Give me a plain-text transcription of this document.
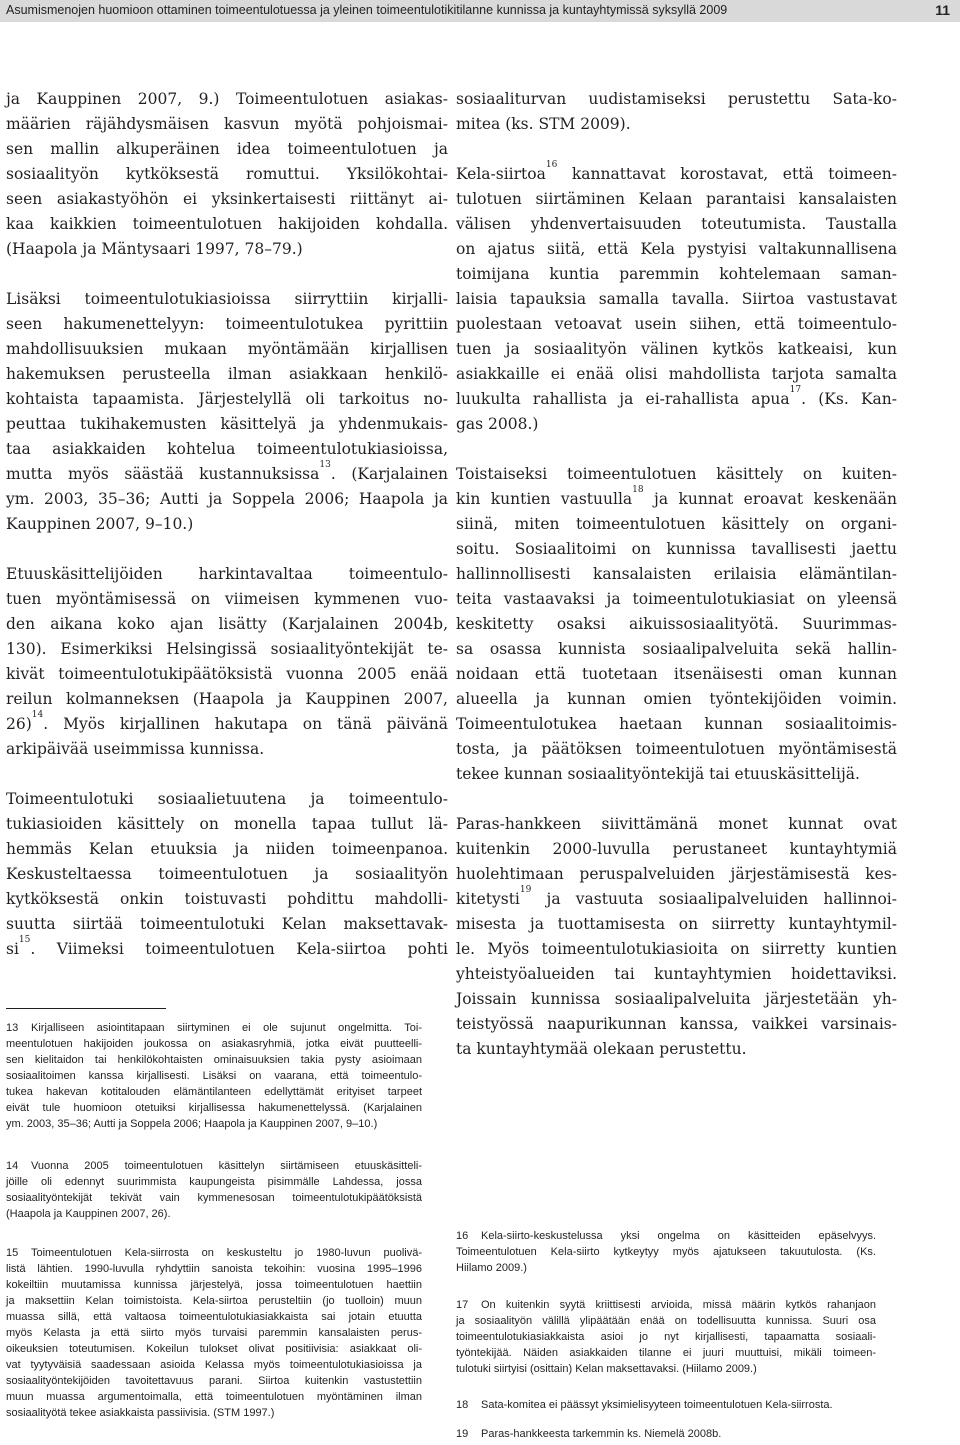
Asumismenojen huomioon ottaminen toimeentulotuessa ja yleinen toimeentulotikitilanne kunnissa ja kuntayhtymissä syksyllä 2009	11

ja Kauppinen 2007, 9.) Toimeentulotuen asiakas-
määrien räjähdysmäisen kasvun myötä pohjoismai-
sen mallin alkuperäinen idea toimeentulotuen ja
sosiaalityön kytköksestä romuttui. Yksilökohtai-
seen asiakastyöhön ei yksinkertaisesti riittänyt ai-
kaa kaikkien toimeentulotuen hakijoiden kohdalla.
(Haapola ja Mäntysaari 1997, 78–79.)

Lisäksi toimeentulotukiasioissa siirryttiin kirjalli-
seen hakumenettelyyn: toimeentulotukea pyrittiin
mahdollisuuksien mukaan myöntämään kirjallisen
hakemuksen perusteella ilman asiakkaan henkilö-
kohtaista tapaamista. Järjestelyllä oli tarkoitus no-
peuttaa tukihakemusten käsittelyä ja yhdenmukais-
taa asiakkaiden kohtelua toimeentulotukiasioissa,
mutta myös säästää kustannuksissa$^{13}$. (Karjalainen
ym. 2003, 35–36; Autti ja Soppela 2006; Haapola ja
Kauppinen 2007, 9–10.)

Etuuskäsittelijöiden harkintavaltaa toimeentulo-
tuen myöntämisessä on viimeisen kymmenen vuo-
den aikana koko ajan lisätty (Karjalainen 2004b,
130). Esimerkiksi Helsingissä sosiaalityöntekijät te-
kivät toimeentulotukipäätöksistä vuonna 2005 enää
reilun kolmanneksen (Haapola ja Kauppinen 2007,
26)$^{14}$. Myös kirjallinen hakutapa on tänä päivänä
arkipäivää useimmissa kunnissa.

Toimeentulotuki sosiaalietuutena ja toimeentulo-
tukiasioiden käsittely on monella tapaa tullut lä-
hemmäs Kelan etuuksia ja niiden toimeenpanoa.
Keskusteltaessa toimeentulotuen ja sosiaalityön
kytköksestä onkin toistuvasti pohdittu mahdolli-
suutta siirtää toimeentulotuki Kelan maksettavak-
$si^{15}$. Viimeksi toimeentulotuen Kela-siirtoa pohti

sosiaaliturvan uudistamiseksi perustettu Sata-ko-
mitea (ks. STM 2009).

Kela-siirtoa$^{16}$ kannattavat korostavat, että toimeen-
tulotuen siirtäminen Kelaan parantaisi kansalaisten
välisen yhdenvertaisuuden toteutumista. Taustalla
on ajatus siitä, että Kela pystyisi valtakunnallisena
toimijana kuntia paremmin kohtelemaan saman-
laisia tapauksia samalla tavalla. Siirtoa vastustavat
puolestaan vetoavat usein siihen, että toimeentulo-
tuen ja sosiaalityön välinen kytkös katkeaisi, kun
asiakkaille ei enää olisi mahdollista tarjota samalta
luukulta rahallista ja ei-rahallista apua$^{17}$. (Ks. Kan-
gas 2008.)

Toistaiseksi toimeentulotuen käsittely on kuiten-
kin kuntien vastuulla$^{18}$ ja kunnat eroavat keskenään
siinä, miten toimeentulotuen käsittely on organi-
soitu. Sosiaalitoimi on kunnissa tavallisesti jaettu
hallinnollisesti kansalaisten erilaisia elämäntilan-
teita vastaavaksi ja toimeentulotukiasiat on yleensä
keskitetty osaksi aikuissosiaalityötä. Suurimmas-
sa osassa kunnista sosiaalipalveluita sekä hallin-
noidaan että tuotetaan itsenäisesti oman kunnan
alueella ja kunnan omien työntekijöiden voimin.
Toimeentulotukea haetaan kunnan sosiaalitoimis-
tosta, ja päätöksen toimeentulotuen myöntämisestä
tekee kunnan sosiaalityöntekijä tai etuuskäsittelijä.

Paras-hankkeen siivittämänä monet kunnat ovat
kuitenkin 2000-luvulla perustaneet kuntayhtymiä
huolehtimaan peruspalveluiden järjestämisestä kes-
kitetysti$^{19}$ ja vastuuta sosiaalipalveluiden hallinnoi-
misesta ja tuottamisesta on siirretty kuntayhtymil-
le. Myös toimeentulotukiasioita on siirretty kuntien
yhteistyöalueiden tai kuntayhtymien hoidettaviksi.
Joissain kunnissa sosiaalipalveluita järjestetään yh-
teistyössä naapurikunnan kanssa, vaikkei varsinais-
ta kuntayhtymää olekaan perustettu.

13 Kirjalliseen asiointitapaan siirtyminen ei ole sujunut ongelmitta. Toi-
meentulotuen hakijoiden joukossa on asiakasryhmiä, jotka eivät puutteelli-
sen kielitaidon tai henkilökohtaisten ominaisuuksien takia pysty asioimaan
sosiaalitoimen kanssa kirjallisesti. Lisäksi on vaarana, että toimeentulo-
tukea hakevan kotitalouden elämäntilanteen edellyttämät erityiset tarpeet
eivät tule huomioon otetuiksi kirjallisessa hakumenettelyssä. (Karjalainen
ym. 2003, 35–36; Autti ja Soppela 2006; Haapola ja Kauppinen 2007, 9–10.)
14 Vuonna 2005 toimeentulotuen käsittelyn siirtämiseen etuuskäsitteli-
jöille oli edennyt suurimmista kaupungeista pisimmälle Lahdessa, jossa
sosiaalityöntekijät tekivät vain kymmenesosan toimeentulotukipäätöksistä
(Haapola ja Kauppinen 2007, 26).
15 Toimeentulotuen Kela-siirrosta on keskusteltu jo 1980-luvun puolivä-
listä lähtien. 1990-luvulla ryhdyttiin sanoista tekoihin: vuosina 1995–1996
kokeiltiin muutamissa kunnissa järjestelyä, jossa toimeentulotuen haettiin
ja maksettiin Kelan toimistoista. Kela-siirtoa perusteltiin (jo tuolloin) muun
muassa sillä, että valtaosa toimeentulotukiasiakkaista sai jotain etuutta
myös Kelasta ja että siirto myös turvaisi paremmin kansalaisten perus-
oikeuksien toteutumisen. Kokeilun tulokset olivat positiivisia: asiakkaat oli-
vat tyytyväisiä saadessaan asioida Kelassa myös toimeentulotukiasioissa ja
sosiaalityöntekijöiden tavoitettavuus parani. Siirtoa kuitenkin vastustettiin
muun muassa argumentoimalla, että toimeentulotuen myöntäminen ilman
sosiaalityötä tekee asiakkaista passiivisia. (STM 1997.)
16 Kela-siirto-keskustelussa yksi ongelma on käsitteiden epäselvyys.
Toimeentulotuen Kela-siirto kytkeytyy myös ajatukseen takuutulosta. (Ks.
Hiilamo 2009.)
17 On kuitenkin syytä kriittisesti arvioida, missä määrin kytkös rahanjaon
ja sosiaalityön välillä ylipäätään enää on todellisuutta kunnissa. Suuri osa
toimeentulotukiasiakkaista asioi jo nyt kirjallisesti, tapaamatta sosiaali-
työntekijää. Näiden asiakkaiden tilanne ei juuri muuttuisi, mikäli toimeen-
tulotuki siirtyisi (osittain) Kelan maksettavaksi. (Hiilamo 2009.)
18 Sata-komitea ei päässyt yksimielisyyteen toimeentulotuen Kela-siirrosta.
19 Paras-hankkeesta tarkemmin ks. Niemelä 2008b.
